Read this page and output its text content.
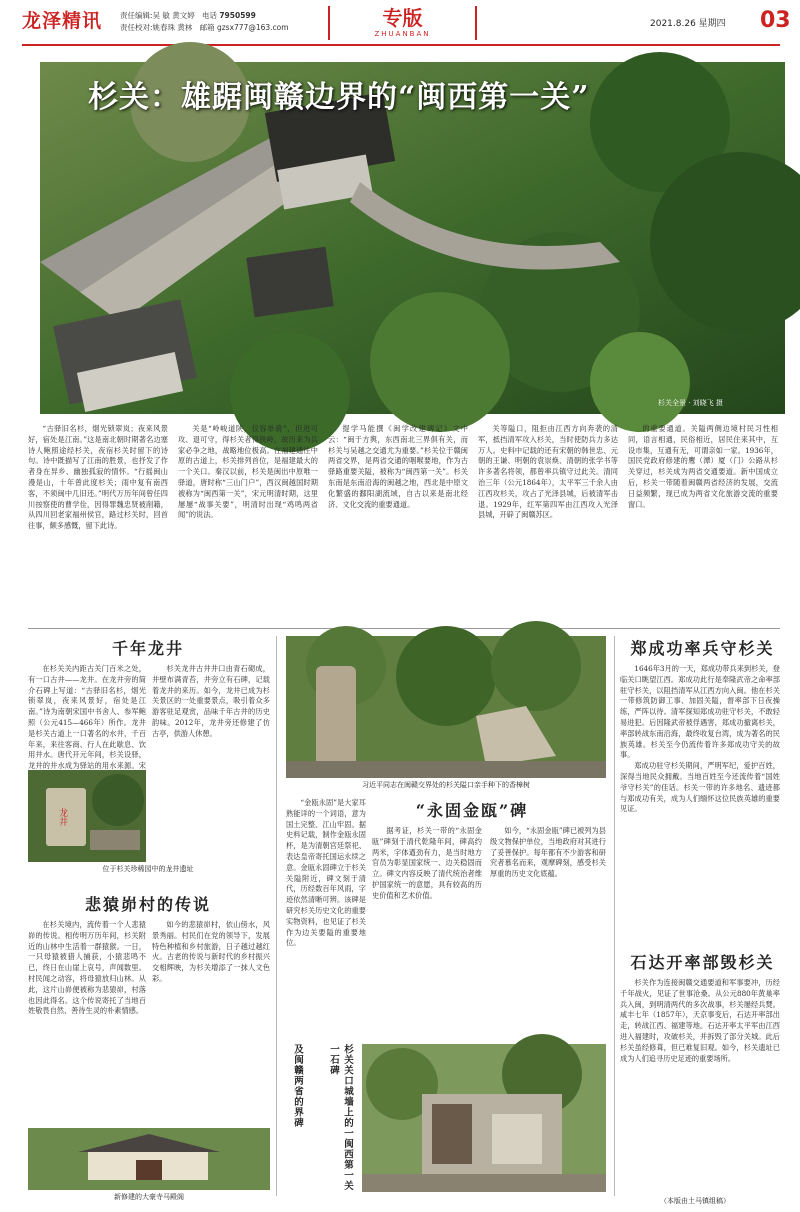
龙泽精讯 责任编辑:吴 敏 黄文婷 电话 7950599
责任校对:姚春珠 黄林 邮箱 gzsx777@163.com	专版
ZHUANBAN
2021.8.26 星期四 03
杉关：雄踞闽赣边界的“闽西第一关”
杉关全景 · 刘晓飞 摄

“古驿旧名杉，烟光锁翠岚；夜来风景好，宿处是江南。”这是南北朝时期著名边塞诗人鲍照途经杉关，夜宿杉关时留下的诗句。诗中既描写了江南的胜景，也抒发了作者身在异乡、幽独孤寂的情怀。“行摇闽山漫是山，十年曾此度杉关；雨中复有南西客，不须闽中几旧还。”明代万历年间曾任四川按察使的曹学佺，因得罪魏忠贤被削籍，从四川回老家福州侯官，路过杉关时，回首往事，颇多感慨，留下此诗。

关是“岭峻道陕，仅容单骑”，但进可攻、退可守，得杉关者得铁岭，故历来为兵家必争之地，战略地位极高。在福建通往中原的古道上，杉关排列首位，是福建最大的一个关口。秦汉以前，杉关是闽出中原唯一驿道，唐时称“三山门户”，西汉闽越国时期被称为“闽西第一关”，宋元明清时期，这里屡屡“战事关要”，明清时出现“鸡鸣两省闻”的说法。

提学马能撰《闽学改建碑记》文中云：“闽于方舆，东西南北三界俱有关，而杉关与吴越之交通尤为重要。”杉关位于赣闽两省交界，是两省交通的咽喉要地，作为古驿路重要关隘，被称为“闽西第一关”。杉关东南是东南沿海的闽越之地，西北是中原文化繁盛的鄱阳湖流域，自古以来是南北经济、文化交流的重要通道。

关等隘口，阻拒由江西方向奔袭的清军，抵挡清军攻入杉关，当时使防兵力多达万人。史料中记载的还有宋朝的韩世忠、元朝的王谦、明朝的袁崇焕、清朝的张学书等许多著名将领，都曾率兵镇守过此关。清同治三年（公元1864年），太平军三千余人由江西攻杉关，攻占了光泽县城，后被清军击退。1929年，红军第四军由江西攻入光泽县城，开辟了闽赣苏区。

的重要通道。关隘两侧边境村民习性相同，语言相通，民俗相近，居民住来其中，互设市集，互通有无，可谓亲如一家。1936年，国民党政府修建的鹰（潭）厦（门）公路从杉关穿过，杉关成为两省交通要道。新中国成立后，杉关一带随着闽赣两省经济的发展，交流日益频繁，现已成为两省文化旅游交流的重要窗口。

千年龙井

在杉关关内距古关门百米之处，有一口古井——龙井。在龙井旁的简介石碑上写道：“古驿旧名杉，烟光锁翠岚，夜来风景好，宿处是江南。”诗为南朝宋国中书舍人、参军鲍照（公元415—466年）所作。龙井是杉关古道上一口著名的水井，千百年来，来往客商、行人在此歇息、饮用井水。唐代开元年间，杉关设驿，龙井的井水成为驿站的用水来源。宋

杉关龙井古井井口由青石砌成，井壁布满青苔，井旁立有石碑，记载着龙井的来历。如今，龙井已成为杉关景区的一处重要景点，吸引着众多游客驻足观赏，品味千年古井的历史韵味。2012年，龙井旁还修建了仿古亭，供游人休憩。

龙井
位于杉关珍稀园中的龙井遗址
悲猿峁村的传说

在杉关境内，流传着一个人悲猿峁的传说。相传明万历年间，杉关附近的山林中生活着一群猿猴。一日，一只母猿被猎人捕获，小猿悲鸣不已，终日在山崖上哀号，声闻数里。村民闻之动容，将母猿放归山林。从此，这片山峁便被称为悲猿峁，村落也因此得名。这个传说寄托了当地百姓敬畏自然、善待生灵的朴素情感。

如今的悲猿峁村，依山傍水，风景秀丽。村民们在党的领导下，发展特色种植和乡村旅游，日子越过越红火。古老的传说与新时代的乡村振兴交相辉映，为杉关增添了一抹人文色彩。

新修建的大豪寺马殿阁
习近平同志在闽赣交界处的杉关隘口亲手种下的香樟树
“永固金瓯”碑

“金瓯永固”是大家耳熟能详的一个词语，意为国土完整、江山牢固。据史料记载，制作金瓯永固杯，是为清朝宫廷祭祀、表达皇帝寄托国运永续之意。金瓯永固碑立于杉关关隘附近，碑文刻于清代，历经数百年风雨，字迹依然清晰可辨。该碑是研究杉关历史文化的重要实物资料，也见证了杉关作为边关要隘的重要地位。

据考证，杉关一带的“永固金瓯”碑刻于清代乾隆年间，碑高约两米，字体遒劲有力，是当时地方官员为彰显国家统一、边关稳固而立。碑文内容反映了清代统治者维护国家统一的意愿，具有较高的历史价值和艺术价值。

如今，“永固金瓯”碑已被列为县级文物保护单位，当地政府对其进行了妥善保护。每年都有不少游客和研究者慕名而来，观摩碑刻，感受杉关厚重的历史文化底蕴。

及闽赣两省的界碑	杉关关口城墙上的一闽西第一关一石碑
郑成功率兵守杉关

1646年3月的一天，郑成功带兵来到杉关，登临关口眺望江西。郑成功此行是奉隆武帝之命率部驻守杉关，以阻挡清军从江西方向入闽。他在杉关一带修筑防御工事、加固关隘，督率部下日夜操练，严阵以待。清军探知郑成功驻守杉关，不敢轻易进犯。后因隆武帝被俘遇害，郑成功撤离杉关，率部转战东南沿海，最终收复台湾，成为著名的民族英雄。杉关至今仍流传着许多郑成功守关的故事。

郑成功驻守杉关期间，严明军纪，爱护百姓，深得当地民众拥戴。当地百姓至今还流传着“国姓爷守杉关”的佳话。杉关一带的许多地名、遗迹都与郑成功有关，成为人们缅怀这位民族英雄的重要见证。

石达开率部毁杉关

杉关作为连接闽赣交通要道和军事要冲，历经千年战火，见证了世事沧桑。从公元880年黄巢率兵入闽，到明清两代的多次战事，杉关屡经兵燹。咸丰七年（1857年），天京事变后，石达开率部出走，转战江西、福建等地。石达开率太平军由江西进入福建时，攻破杉关，并拆毁了部分关城。此后杉关虽经修葺，但已难复旧观。如今，杉关遗址已成为人们追寻历史足迹的重要场所。

（本版由土马镇组稿）
